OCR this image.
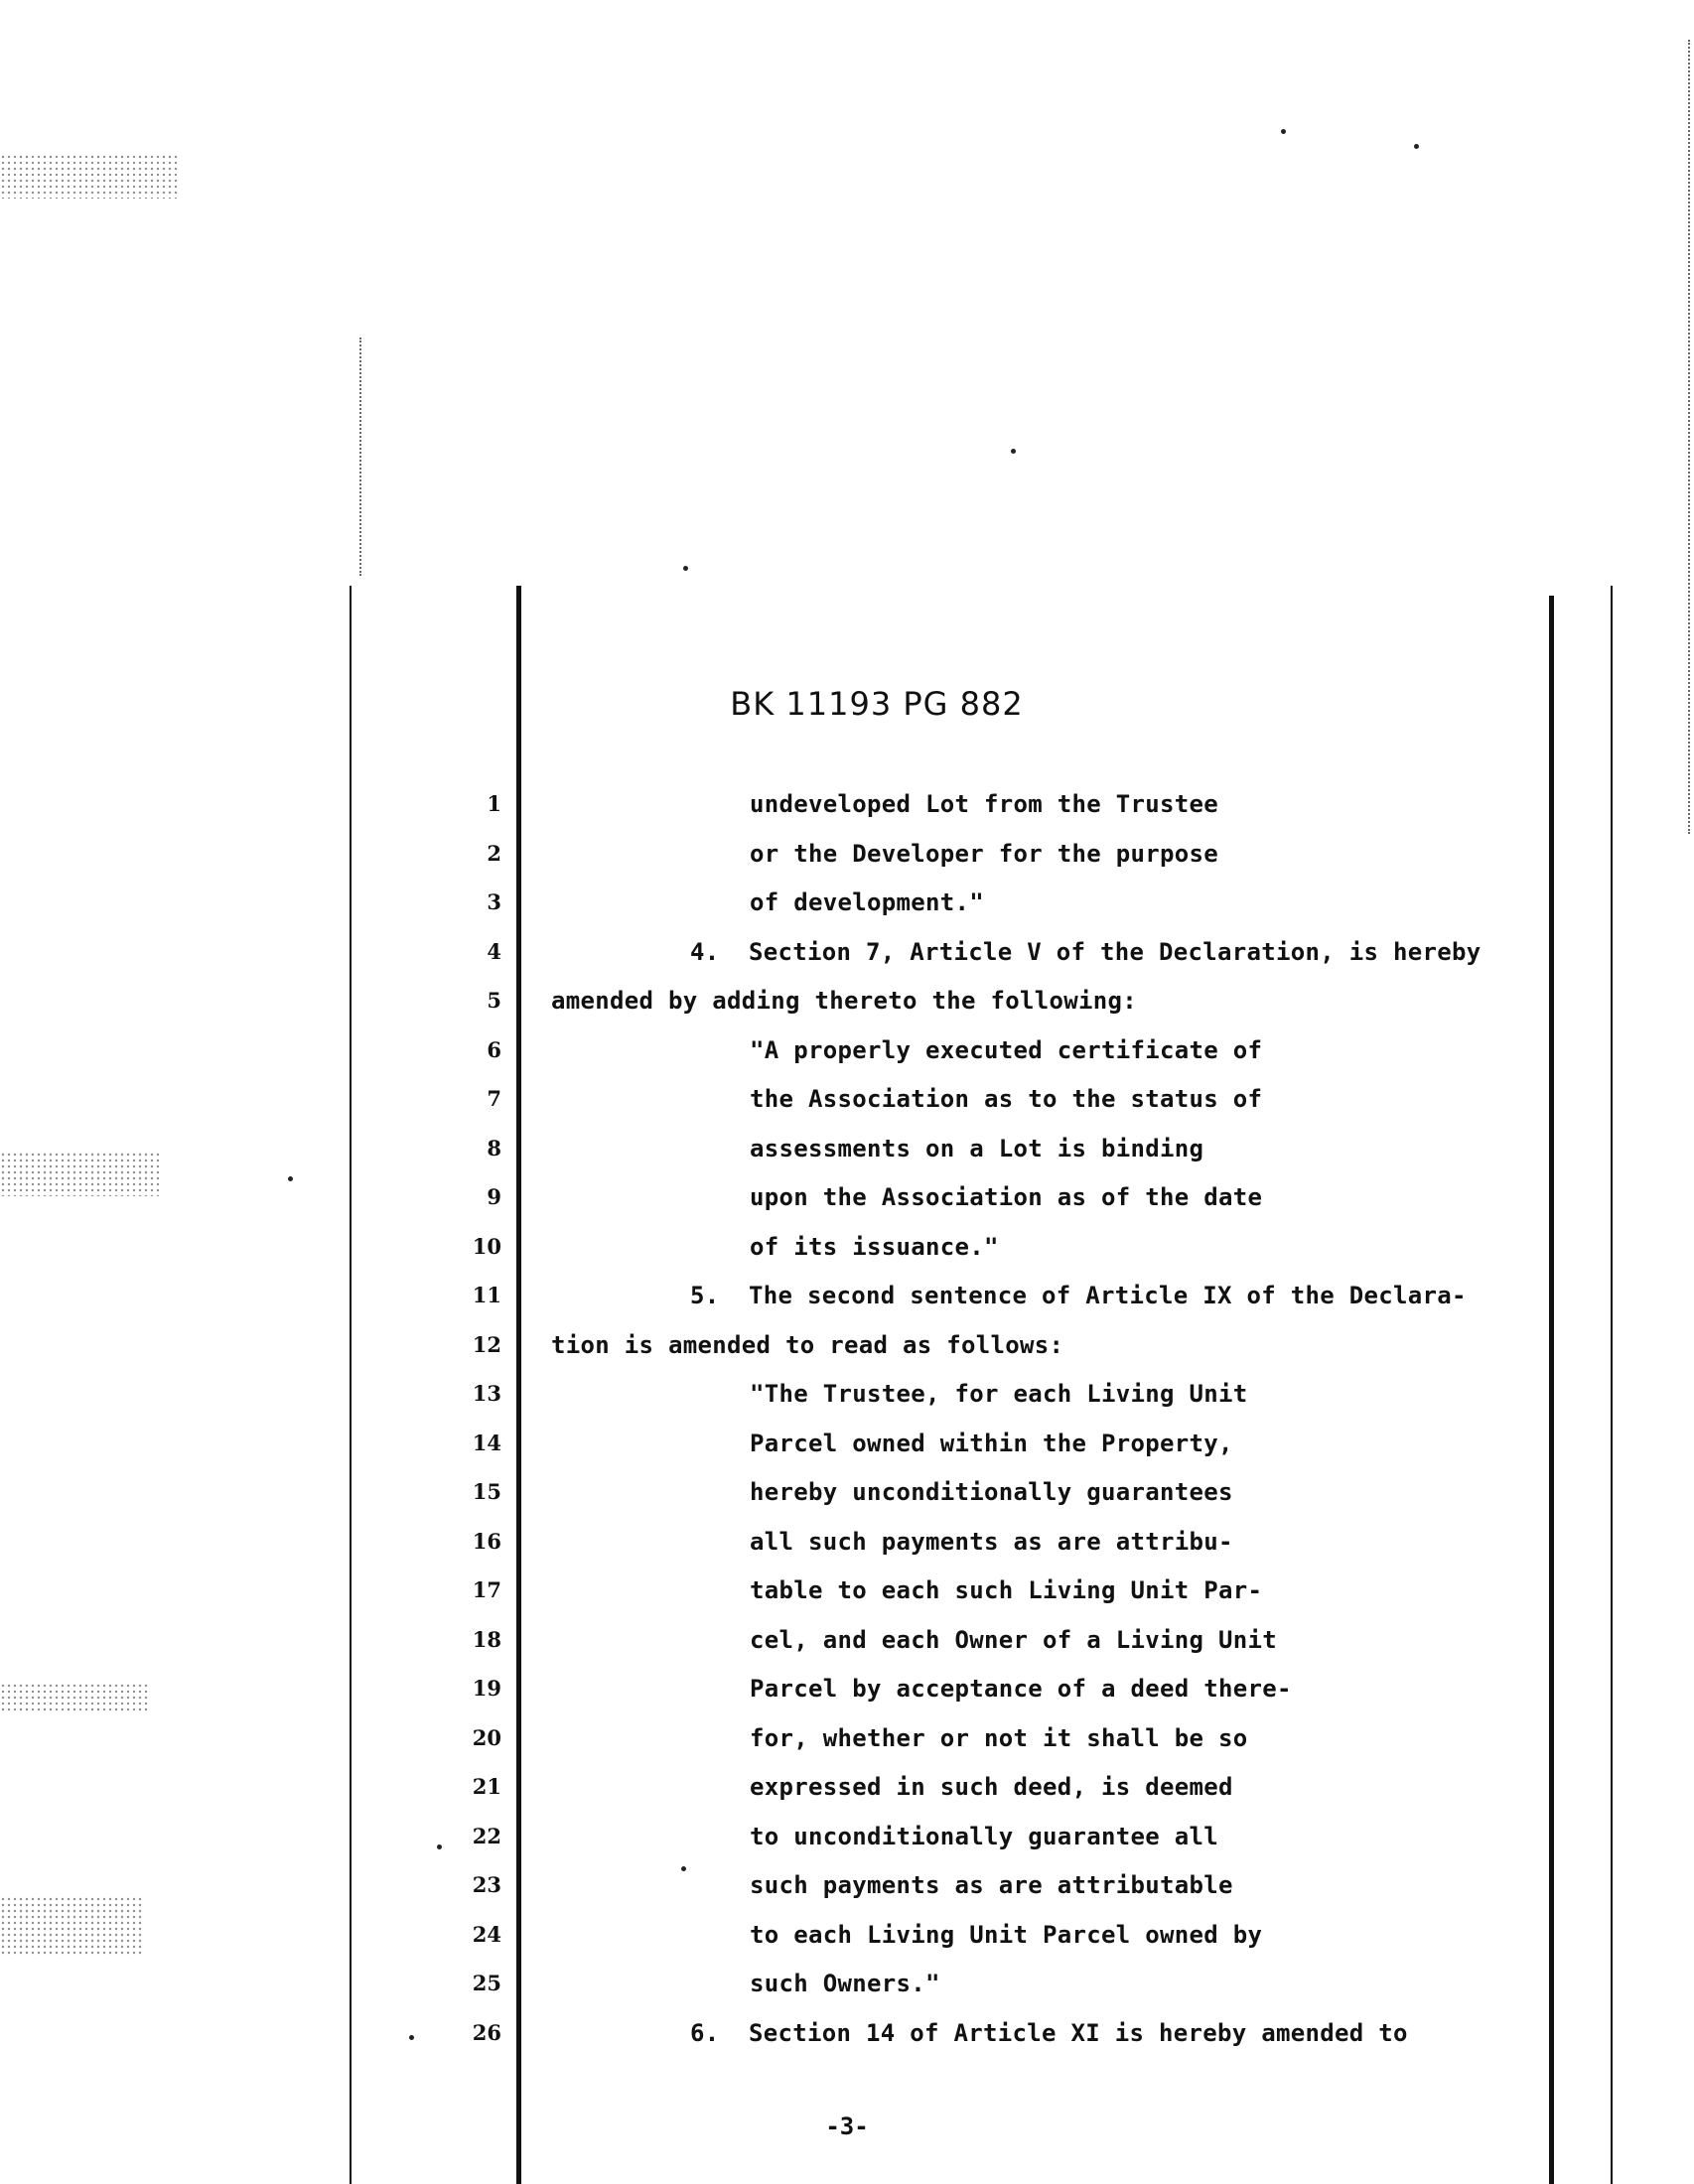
BK 11193 PG 882
1
2
3
4
5
6
7
8
9
10
11
12
13
14
15
16
17
18
19
20
21
22
23
24
25
26
undeveloped Lot from the Trustee
or the Developer for the purpose
of development."
4.  Section 7, Article V of the Declaration, is hereby
amended by adding thereto the following:
"A properly executed certificate of
the Association as to the status of
assessments on a Lot is binding
upon the Association as of the date
of its issuance."
5.  The second sentence of Article IX of the Declara-
tion is amended to read as follows:
"The Trustee, for each Living Unit
Parcel owned within the Property,
hereby unconditionally guarantees
all such payments as are attribu-
table to each such Living Unit Par-
cel, and each Owner of a Living Unit
Parcel by acceptance of a deed there-
for, whether or not it shall be so
expressed in such deed, is deemed
to unconditionally guarantee all
such payments as are attributable
to each Living Unit Parcel owned by
such Owners."
6.  Section 14 of Article XI is hereby amended to
-3-
